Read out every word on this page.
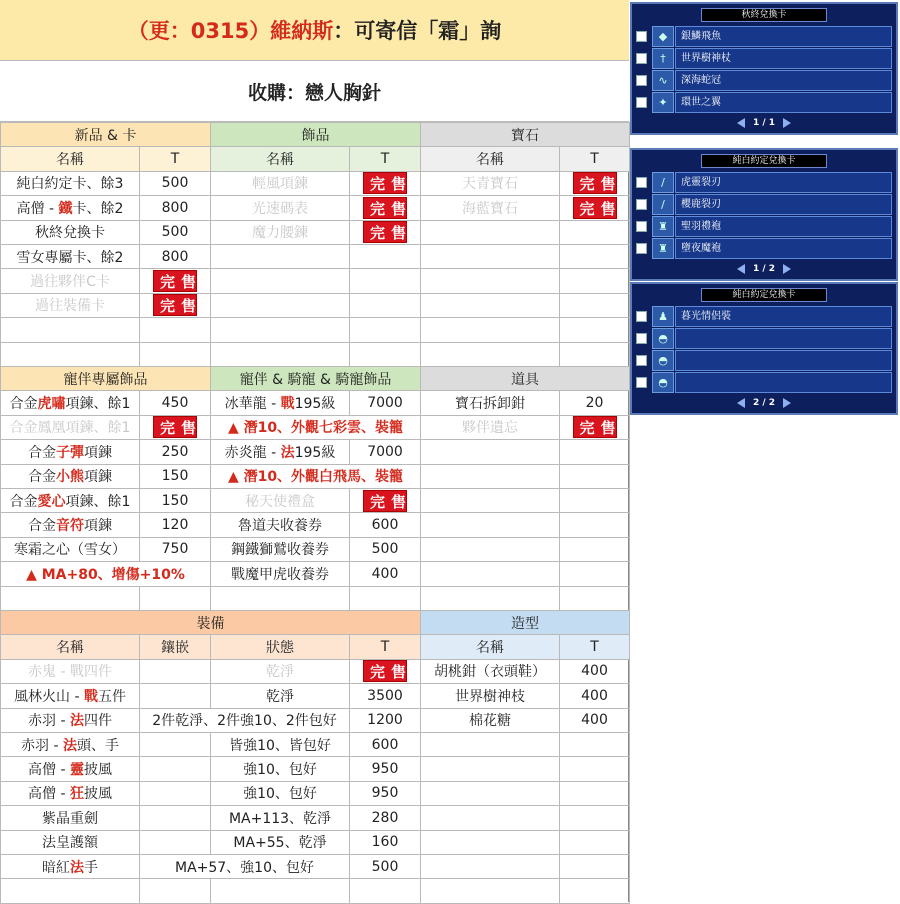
（更：0315）維納斯 ：可寄信「霜」詢
收購：戀人胸針
新品 & 卡		飾品		寶石	
名稱	T	名稱	T	名稱	T
純白約定卡、餘3	500	輕風項鍊	完售	天青寶石	完售
高僧 - 鐵卡、餘2	800	光速碼表	完售	海藍寶石	完售
秋終兌換卡	500	魔力腰鍊	完售		
雪女專屬卡、餘2	800				
過往夥伴C卡	完售				
過往裝備卡	完售				

寵伴專屬飾品		寵伴 & 騎寵 & 騎寵飾品		道具	
合金虎嘯項鍊、餘1	450	冰華龍 - 戰195級	7000	寶石拆卸鉗	20
合金鳳凰項鍊、餘1	完售	▲ 潛10、外觀七彩雲、裝籠		夥伴遺忘	完售
合金子彈項鍊	250	赤炎龍 - 法195級	7000		
合金小熊項鍊	150	▲ 潛10、外觀白飛馬、裝籠			
合金愛心項鍊、餘1	150	秘天使禮盒	完售		
合金音符項鍊	120	魯道夫收養券	600		
寒霜之心（雪女）	750	鋼鐵獅鷲收養券	500		
▲ MA+80、增傷+10%		戰魔甲虎收養券	400		

裝備				造型	
名稱	鑲嵌	狀態	T	名稱	T
赤鬼 - 戰四件		乾淨	完售	胡桃鉗（衣頭鞋）	400
風林火山 - 戰五件		乾淨	3500	世界樹神枝	400
赤羽 - 法四件	2件乾淨、2件強10、2件包好		1200	棉花糖	400
赤羽 - 法頭、手		皆強10、皆包好	600		
高僧 - 靈披風		強10、包好	950		
高僧 - 狂披風		強10、包好	950		
紫晶重劍		MA+113、乾淨	280		
法皇護額		MA+55、乾淨	160		
暗紅法手	MA+57、強10、包好		500		

秋終兌換卡
◆	銀鱗飛魚
†	世界樹神杖
∿	深海蛇冠
✦	環世之翼
1 / 1
純白約定兌換卡
/	虎靈裂刃
/	櫻鹿裂刃
♜	聖羽禮袍
♜	墮夜魔袍
1 / 2
純白約定兌換卡
♟	暮光情侶裝
◓
◓
◓
2 / 2
